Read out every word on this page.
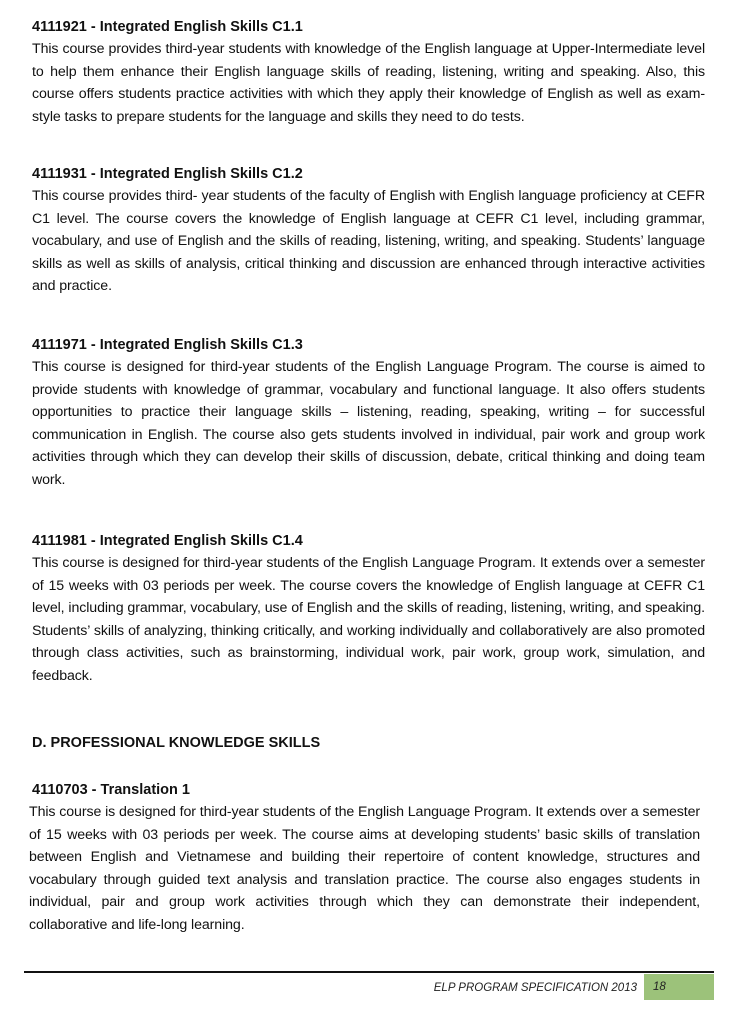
4111921 - Integrated English Skills C1.1

This course provides third-year students with knowledge of the English language at Upper-Intermediate level to help them enhance their English language skills of reading, listening, writing and speaking. Also, this course offers students practice activities with which they apply their knowledge of English as well as exam-style tasks to prepare students for the language and skills they need to do tests.

4111931 - Integrated English Skills C1.2

This course provides third- year students of the faculty of English with English language proficiency at CEFR C1 level. The course covers the knowledge of English language at CEFR C1 level, including grammar, vocabulary, and use of English and the skills of reading, listening, writing, and speaking. Students’ language skills as well as skills of analysis, critical thinking and discussion are enhanced through interactive activities and practice.

4111971 - Integrated English Skills C1.3

This course is designed for third-year students of the English Language Program. The course is aimed to provide students with knowledge of grammar, vocabulary and functional language. It also offers students opportunities to practice their language skills – listening, reading, speaking, writing – for successful communication in English. The course also gets students involved in individual, pair work and group work activities through which they can develop their skills of discussion, debate, critical thinking and doing team work.

4111981 - Integrated English Skills C1.4

This course is designed for third-year students of the English Language Program. It extends over a semester of 15 weeks with 03 periods per week. The course covers the knowledge of English language at CEFR C1 level, including grammar, vocabulary, use of English and the skills of reading, listening, writing, and speaking. Students’ skills of analyzing, thinking critically, and working individually and collaboratively are also promoted through class activities, such as brainstorming, individual work, pair work, group work, simulation, and feedback.

D. PROFESSIONAL KNOWLEDGE SKILLS

4110703 - Translation 1

This course is designed for third-year students of the English Language Program. It extends over a semester of 15 weeks with 03 periods per week. The course aims at developing students’ basic skills of translation between English and Vietnamese and building their repertoire of content knowledge, structures and vocabulary through guided text analysis and translation practice. The course also engages students in individual, pair and group work activities through which they can demonstrate their independent, collaborative and life-long learning.

ELP PROGRAM SPECIFICATION 2013	18
